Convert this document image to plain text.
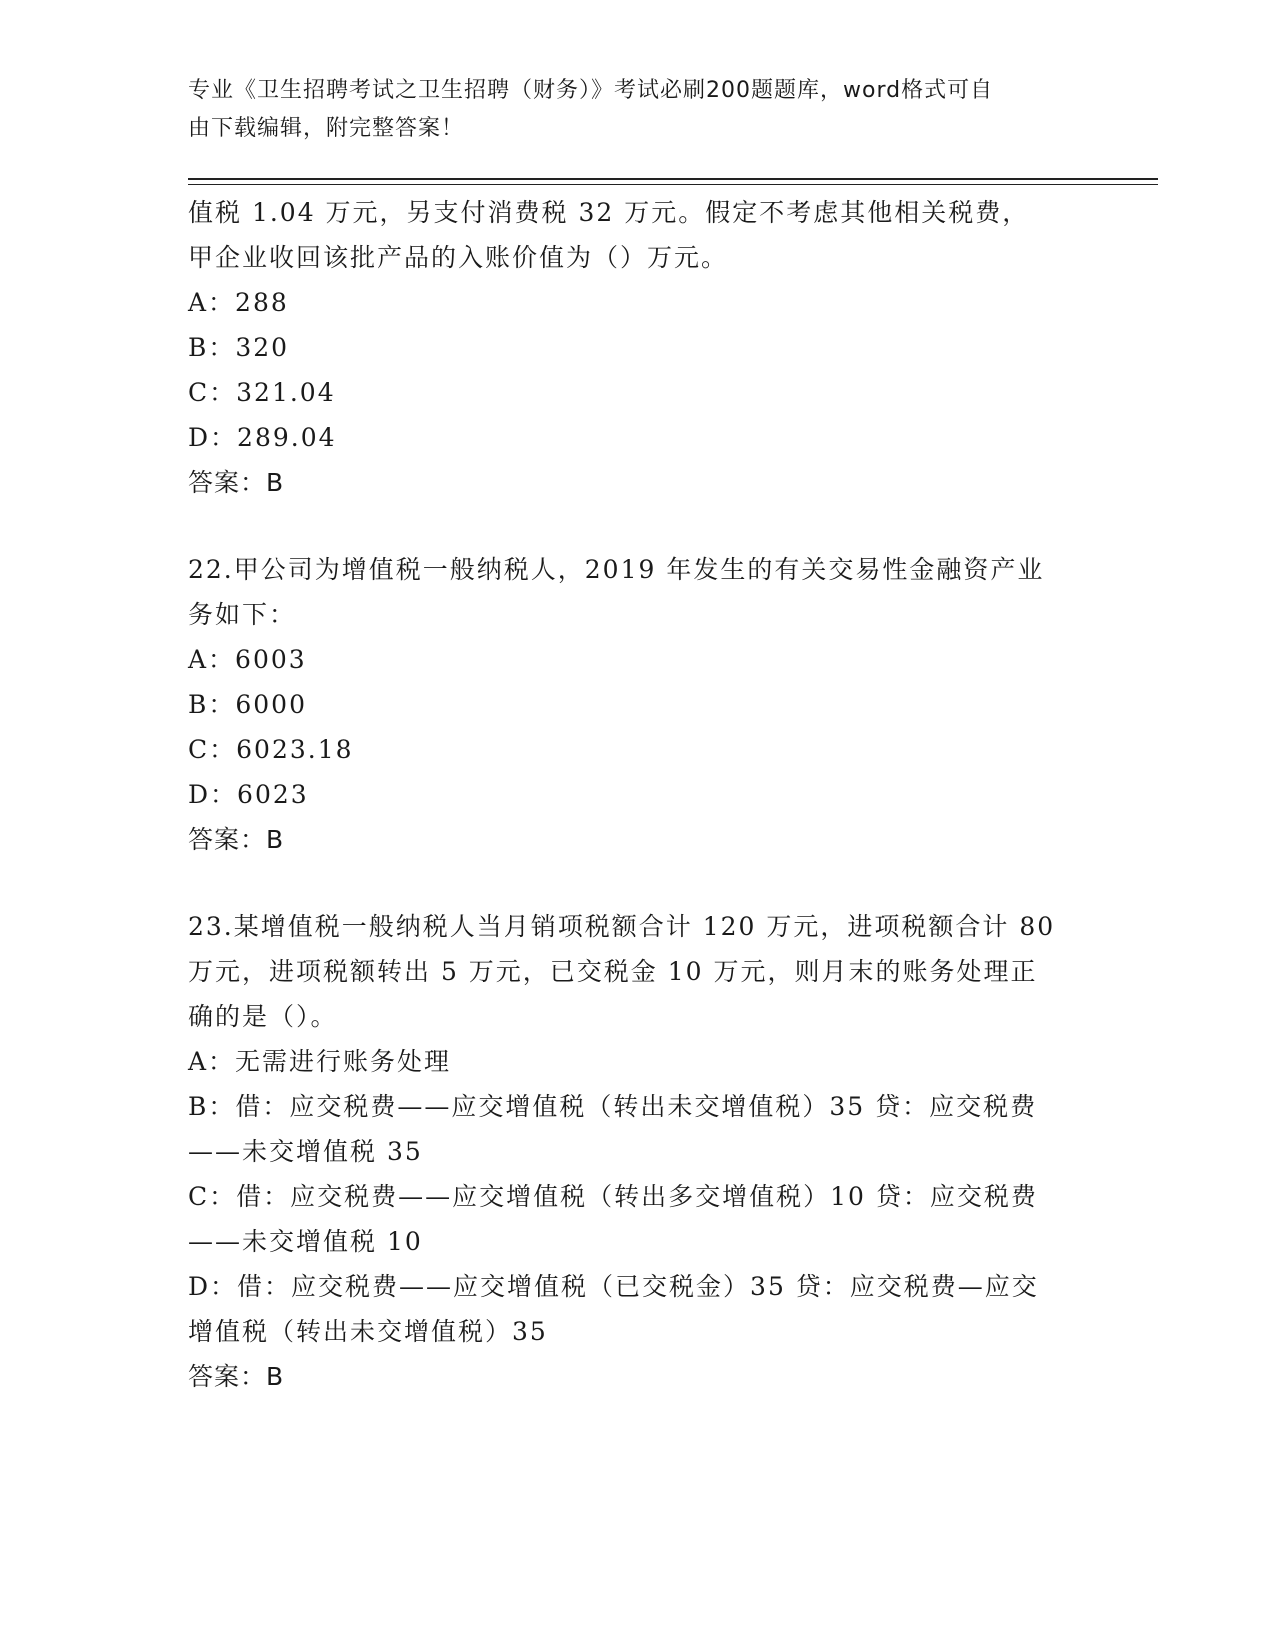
专业《卫生招聘考试之卫生招聘（财务）》考试必刷200题题库，word格式可自
由下载编辑，附完整答案！
值税 1.04 万元，另支付消费税 32 万元。假定不考虑其他相关税费，
甲企业收回该批产品的入账价值为（）万元。
A：288
B：320
C：321.04
D：289.04
答案：B
22.甲公司为增值税一般纳税人，2019 年发生的有关交易性金融资产业
务如下：
A：6003
B：6000
C：6023.18
D：6023
答案：B
23.某增值税一般纳税人当月销项税额合计 120 万元，进项税额合计 80
万元，进项税额转出 5 万元，已交税金 10 万元，则月末的账务处理正
确的是（）。
A：无需进行账务处理
B：借：应交税费——应交增值税（转出未交增值税）35 贷：应交税费
——未交增值税 35
C：借：应交税费——应交增值税（转出多交增值税）10 贷：应交税费
——未交增值税 10
D：借：应交税费——应交增值税（已交税金）35 贷：应交税费—应交
增值税（转出未交增值税）35
答案：B
